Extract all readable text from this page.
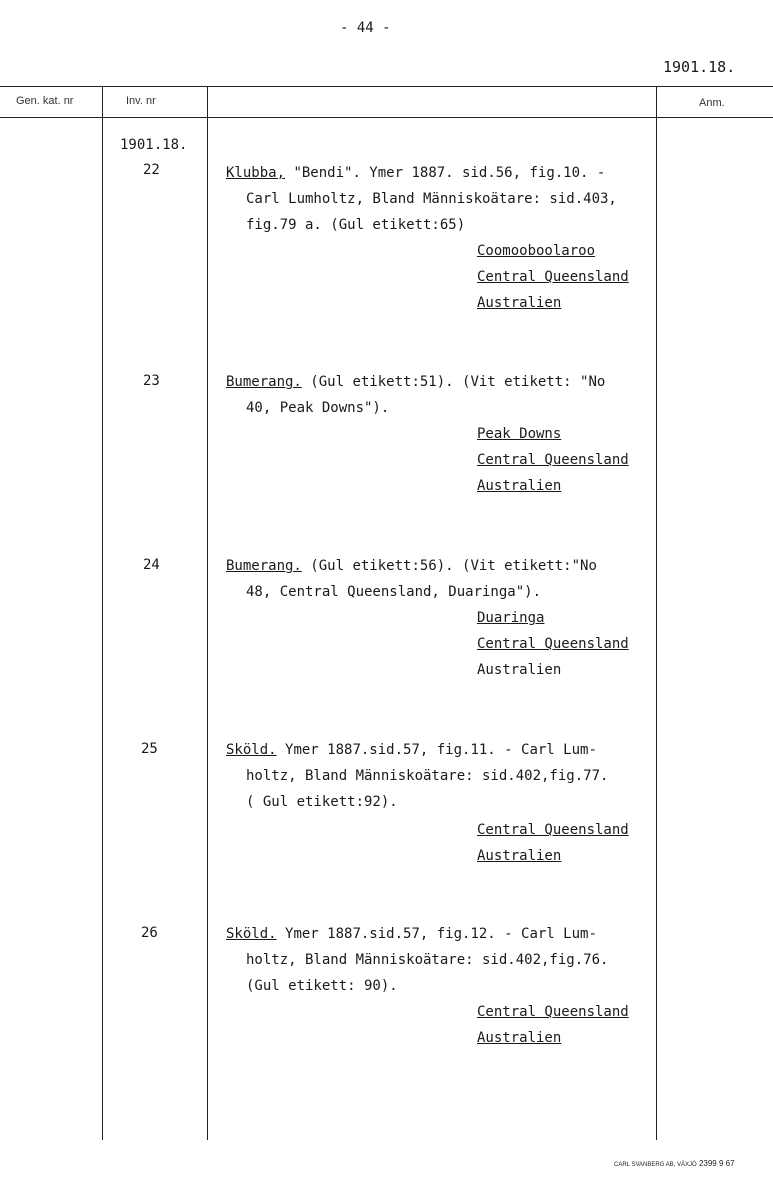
- 44 -
1901.18.
Gen. kat. nr	Inv. nr	Anm.
1901.18.
22	Klubba, "Bendi". Ymer 1887. sid.56, fig.10. -
Carl Lumholtz, Bland Människoätare: sid.403,
fig.79 a. (Gul etikett:65)
Coomooboolaroo
Central Queensland
Australien
23	Bumerang. (Gul etikett:51). (Vit etikett: "No
40, Peak Downs").
Peak Downs
Central Queensland
Australien
24	Bumerang. (Gul etikett:56). (Vit etikett:"No
48, Central Queensland, Duaringa").
Duaringa
Central Queensland
Australien
25	Sköld. Ymer 1887.sid.57, fig.11. - Carl Lum-
holtz, Bland Människoätare: sid.402,fig.77.
( Gul etikett:92).
Central Queensland
Australien
26	Sköld. Ymer 1887.sid.57, fig.12. - Carl Lum-
holtz, Bland Människoätare: sid.402,fig.76.
(Gul etikett: 90).
Central Queensland
Australien
CARL SVANBERG AB, VÄXJÖ 2399 9 67
